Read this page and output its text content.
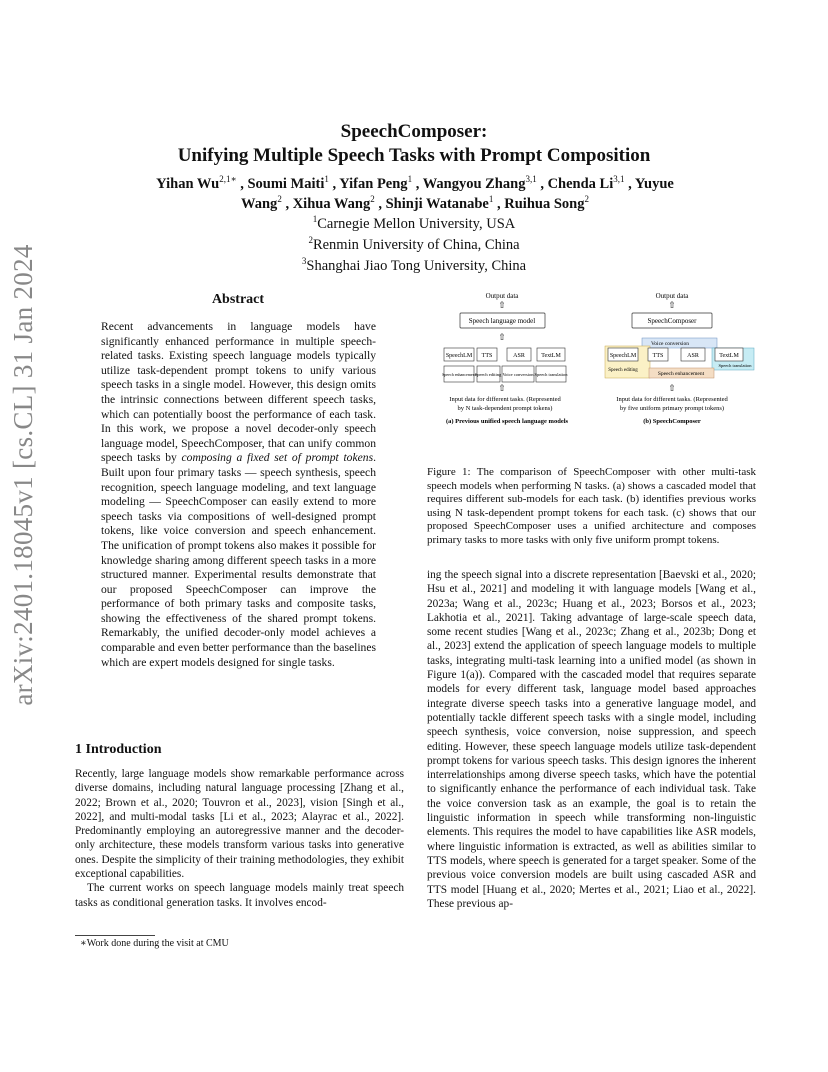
arXiv:2401.18045v1 [cs.CL] 31 Jan 2024
SpeechComposer:
Unifying Multiple Speech Tasks with Prompt Composition
Yihan $Wu^{2,1∗}$ , Soumi Maiti$^1$ , Yifan Peng$^1$ , Wangyou Zhang$^{3,1}$ , Chenda Li$^{3,1}$ , Yuyue
Wang$^2$ , Xihua Wang$^2$ , Shinji Watanabe$^1$ , Ruihua Song$^2$
$^1$Carnegie Mellon University, USA
$^2$Renmin University of China, China
$^3$Shanghai Jiao Tong University, China
Abstract

Recent advancements in language models have significantly enhanced performance in multiple speech-related tasks. Existing speech language models typically utilize task-dependent prompt tokens to unify various speech tasks in a single model. However, this design omits the intrinsic connections between different speech tasks, which can potentially boost the performance of each task. In this work, we propose a novel decoder-only speech language model, SpeechComposer, that can unify common speech tasks by composing a fixed set of prompt tokens. Built upon four primary tasks — speech synthesis, speech recognition, speech language modeling, and text language modeling — SpeechComposer can easily extend to more speech tasks via compositions of well-designed prompt tokens, like voice conversion and speech enhancement. The unification of prompt tokens also makes it possible for knowledge sharing among different speech tasks in a more structured manner. Experimental results demonstrate that our proposed SpeechComposer can improve the performance of both primary tasks and composite tasks, showing the effectiveness of the shared prompt tokens. Remarkably, the unified decoder-only model achieves a comparable and even better performance than the baselines which are expert models designed for single tasks.

1 Introduction

Recently, large language models show remarkable performance across diverse domains, including natural language processing [Zhang et al., 2022; Brown et al., 2020; Touvron et al., 2023], vision [Singh et al., 2022], and multi-modal tasks [Li et al., 2023; Alayrac et al., 2022]. Predominantly employing an autoregressive manner and the decoder-only architecture, these models transform various tasks into generative ones. Despite the simplicity of their training methodologies, they exhibit exceptional capabilities.

The current works on speech language models mainly treat speech tasks as conditional generation tasks. It involves encod-

∗Work done during the visit at CMU
Output data
⇧
Speech language model
⇧
SpeechLM TTS	ASR	TextLM
Speech enhancement
Speech editing Voice conversion Speech translation
⇧
Input data for different tasks. (Represented
by N task-dependent prompt tokens)
(a) Previous unified speech language models
Output data
⇧
SpeechComposer
Voice conversion
SpeechLM	TTS	ASR	TextLM
Speech editing
Speech translation
Speech enhancement
⇧
Input data for different tasks. (Represented
by five uniform primary prompt tokens)
(b) SpeechComposer
Figure 1: The comparison of SpeechComposer with other multi-task speech models when performing N tasks. (a) shows a cascaded model that requires different sub-models for each task. (b) identifies previous works using N task-dependent prompt tokens for each task. (c) shows that our proposed SpeechComposer uses a unified architecture and composes primary tasks to more tasks with only five uniform prompt tokens.

ing the speech signal into a discrete representation [Baevski et al., 2020; Hsu et al., 2021] and modeling it with language models [Wang et al., 2023a; Wang et al., 2023c; Huang et al., 2023; Borsos et al., 2023; Lakhotia et al., 2021]. Taking advantage of large-scale speech data, some recent studies [Wang et al., 2023c; Zhang et al., 2023b; Dong et al., 2023] extend the application of speech language models to multiple tasks, integrating multi-task learning into a unified model (as shown in Figure 1(a)). Compared with the cascaded model that requires separate models for every different task, language model based approaches integrate diverse speech tasks into a generative language model, and potentially tackle different speech tasks with a single model, including speech synthesis, voice conversion, noise suppression, and speech editing. However, these speech language models utilize task-dependent prompt tokens for various speech tasks. This design ignores the inherent interrelationships among diverse speech tasks, which have the potential to significantly enhance the performance of each individual task. Take the voice conversion task as an example, the goal is to retain the linguistic information in speech while transforming non-linguistic elements. This requires the model to have capabilities like ASR models, where linguistic information is extracted, as well as abilities similar to TTS models, where speech is generated for a target speaker. Some of the previous voice conversion models are built using cascaded ASR and TTS model [Huang et al., 2020; Mertes et al., 2021; Liao et al., 2022]. These previous ap-
